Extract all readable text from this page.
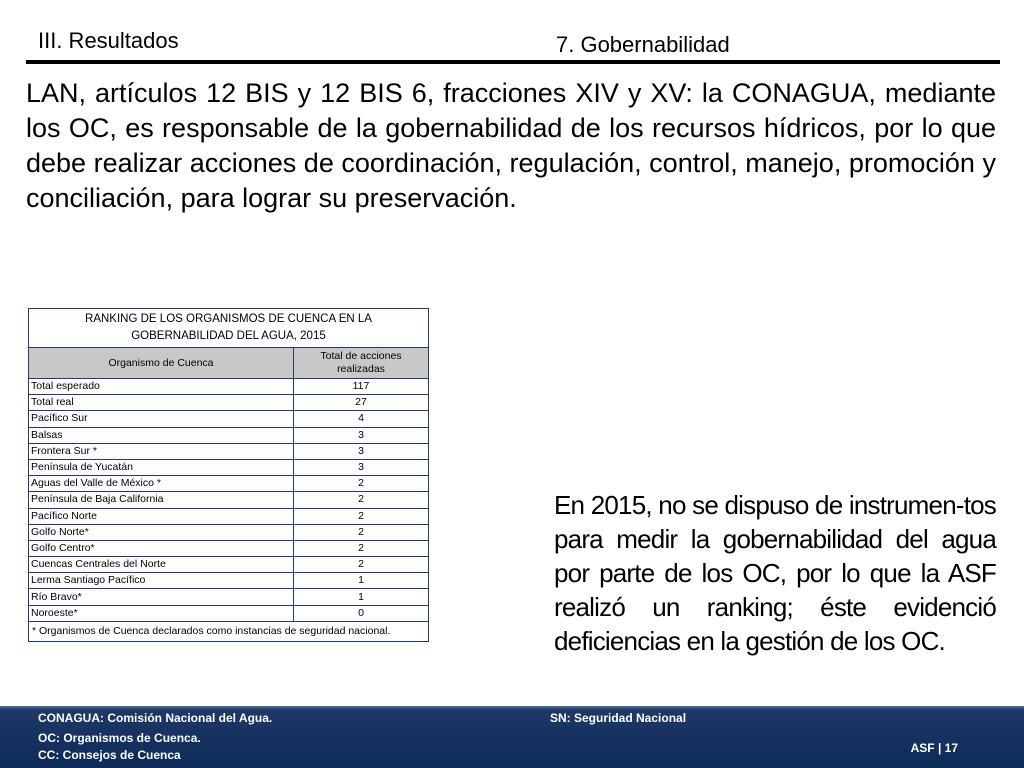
III. Resultados	7. Gobernabilidad
LAN, artículos 12 BIS y 12 BIS 6, fracciones XIV y XV: la CONAGUA, mediante los OC, es responsable de la gobernabilidad de los recursos hídricos, por lo que debe realizar acciones de coordinación, regulación, control, manejo, promoción y conciliación, para lograr su preservación.
RANKING DE LOS ORGANISMOS DE CUENCA EN LA GOBERNABILIDAD DEL AGUA, 2015	
Organismo de Cuenca	Total de acciones realizadas
Total esperado	117
Total real	27
Pacífico Sur	4
Balsas	3
Frontera Sur *	3
Península de Yucatán	3
Aguas del Valle de México *	2
Península de Baja California	2
Pacífico Norte	2
Golfo Norte*	2
Golfo Centro*	2
Cuencas Centrales del Norte	2
Lerma Santiago Pacífico	1
Río Bravo*	1
Noroeste*	0
* Organismos de Cuenca declarados como instancias de seguridad nacional.	
En 2015, no se dispuso de instrumen-tos para medir la gobernabilidad del agua por parte de los OC, por lo que la ASF realizó un ranking; éste evidenció deficiencias en la gestión de los OC.
CONAGUA: Comisión Nacional del Agua.	SN: Seguridad Nacional
OC: Organismos de Cuenca.
CC: Consejos de Cuenca	ASF | 17
